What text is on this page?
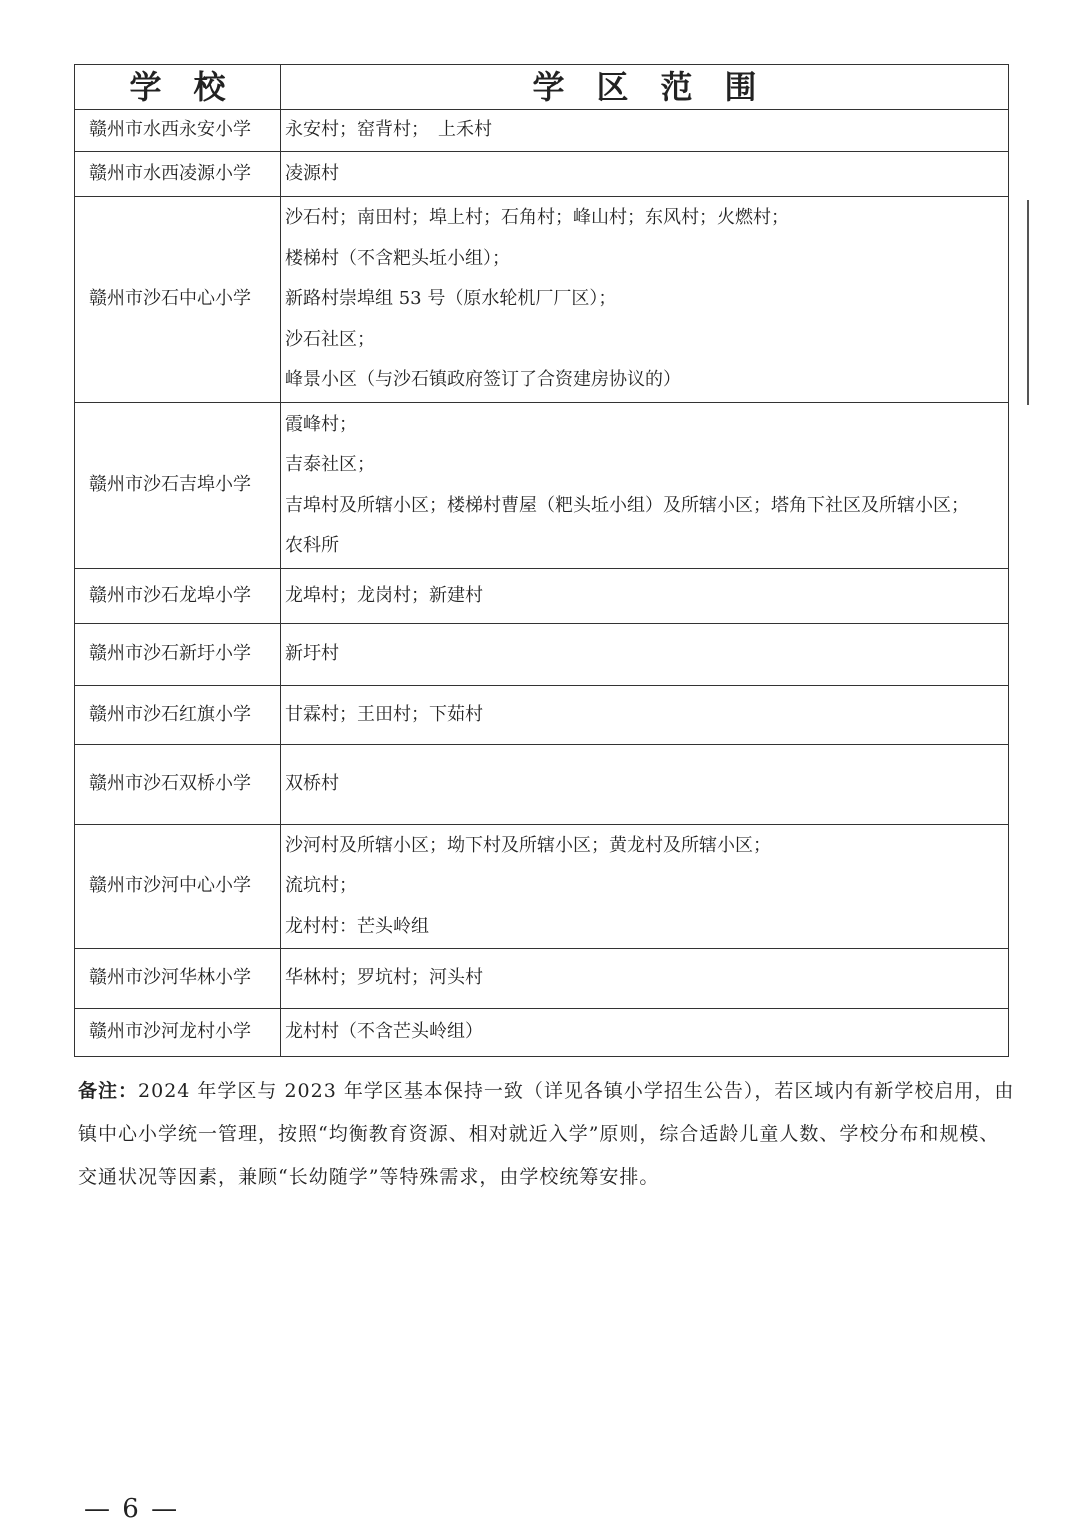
学　校	学　区　范　围
赣州市水西永安小学	永安村；窑背村；　上禾村

赣州市水西凌源小学	凌源村

赣州市沙石中心小学	沙石村；南田村；埠上村；石角村；峰山村；东风村；火燃村；
楼梯村（不含粑头坵小组）；
新路村崇埠组 53 号（原水轮机厂厂区）；
沙石社区；
峰景小区（与沙石镇政府签订了合资建房协议的）

赣州市沙石吉埠小学	霞峰村；
吉泰社区；
吉埠村及所辖小区；楼梯村曹屋（粑头坵小组）及所辖小区；塔角下社区及所辖小区；
农科所

赣州市沙石龙埠小学	龙埠村；龙岗村；新建村

赣州市沙石新圩小学	新圩村

赣州市沙石红旗小学	甘霖村；王田村；下茹村

赣州市沙石双桥小学	双桥村

赣州市沙河中心小学	沙河村及所辖小区；坳下村及所辖小区；黄龙村及所辖小区；
流坑村；
龙村村：芒头岭组

赣州市沙河华林小学	华林村；罗坑村；河头村

赣州市沙河龙村小学	龙村村（不含芒头岭组）
备注：2024 年学区与 2023 年学区基本保持一致（详见各镇小学招生公告），若区域内有新学校启用，由镇中心小学统一管理，按照“均衡教育资源、相对就近入学”原则，综合适龄儿童人数、学校分布和规模、交通状况等因素，兼顾“长幼随学”等特殊需求，由学校统筹安排。
— 6 —
